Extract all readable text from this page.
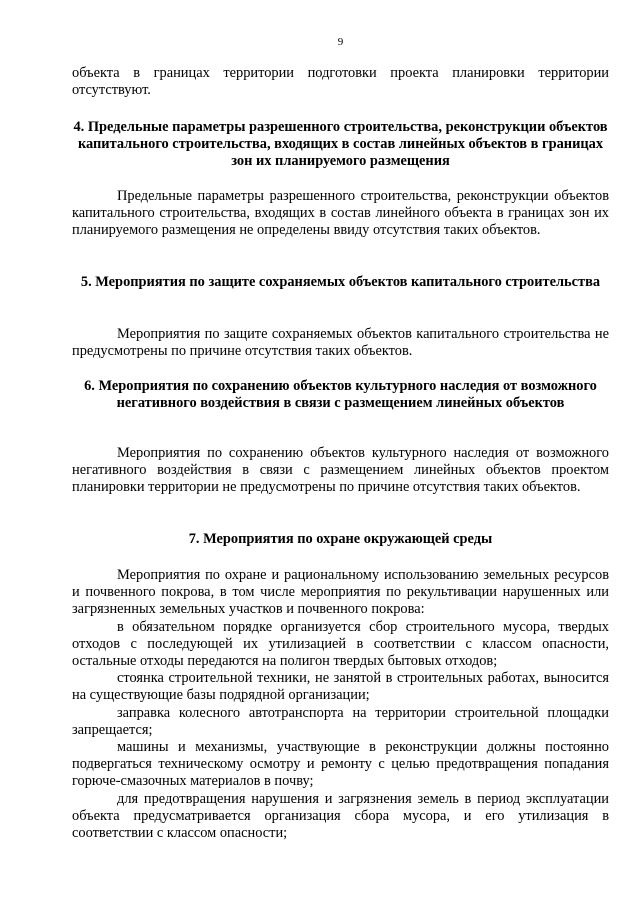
9

объекта в границах территории подготовки проекта планировки территории отсутствуют.

4. Предельные параметры разрешенного строительства, реконструкции объектов капитального строительства, входящих в состав линейных объектов в границах зон их планируемого размещения

Предельные параметры разрешенного строительства, реконструкции объектов капитального строительства, входящих в состав линейного объекта в границах зон их планируемого размещения не определены ввиду отсутствия таких объектов.

5. Мероприятия по защите сохраняемых объектов капитального строительства

Мероприятия по защите сохраняемых объектов капитального строительства не предусмотрены по причине отсутствия таких объектов.

6. Мероприятия по сохранению объектов культурного наследия от возможного негативного воздействия в связи с размещением линейных объектов

Мероприятия по сохранению объектов культурного наследия от возможного негативного воздействия в связи с размещением линейных объектов проектом планировки территории не предусмотрены по причине отсутствия таких объектов.

7. Мероприятия по охране окружающей среды

Мероприятия по охране и рациональному использованию земельных ресурсов и почвенного покрова, в том числе мероприятия по рекультивации нарушенных или загрязненных земельных участков и почвенного покрова:

в обязательном порядке организуется сбор строительного мусора, твердых отходов с последующей их утилизацией в соответствии с классом опасности, остальные отходы передаются на полигон твердых бытовых отходов;

стоянка строительной техники, не занятой в строительных работах, выносится на существующие базы подрядной организации;

заправка колесного автотранспорта на территории строительной площадки запрещается;

машины и механизмы, участвующие в реконструкции должны постоянно подвергаться техническому осмотру и ремонту с целью предотвращения попадания горюче-смазочных материалов в почву;

для предотвращения нарушения и загрязнения земель в период эксплуатации объекта предусматривается организация сбора мусора, и его утилизация в соответствии с классом опасности;
